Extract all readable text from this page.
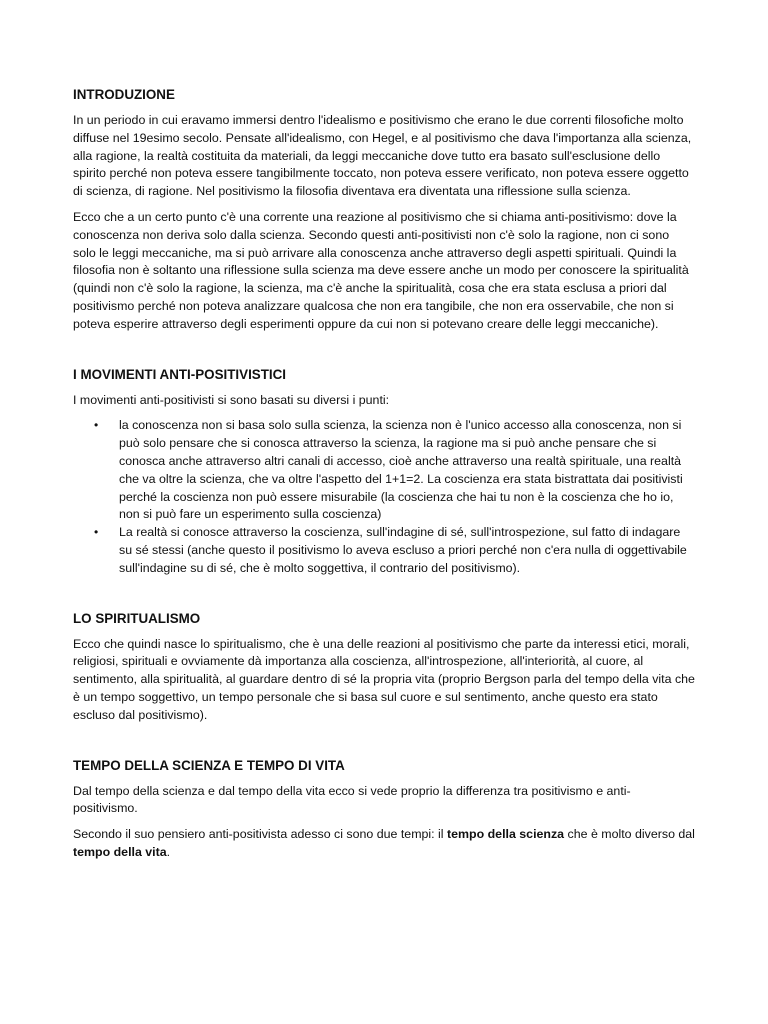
INTRODUZIONE

In un periodo in cui eravamo immersi dentro l'idealismo e positivismo che erano le due correnti filosofiche molto diffuse nel 19esimo secolo. Pensate all'idealismo, con Hegel, e al positivismo che dava l'importanza alla scienza, alla ragione, la realtà costituita da materiali, da leggi meccaniche dove tutto era basato sull'esclusione dello spirito perché non poteva essere tangibilmente toccato, non poteva essere verificato, non poteva essere oggetto di scienza, di ragione. Nel positivismo la filosofia diventava era diventata una riflessione sulla scienza.

Ecco che a un certo punto c'è una corrente una reazione al positivismo che si chiama anti-positivismo: dove la conoscenza non deriva solo dalla scienza. Secondo questi anti-positivisti non c'è solo la ragione, non ci sono solo le leggi meccaniche, ma si può arrivare alla conoscenza anche attraverso degli aspetti spirituali. Quindi la filosofia non è soltanto una riflessione sulla scienza ma deve essere anche un modo per conoscere la spiritualità (quindi non c'è solo la ragione, la scienza, ma c'è anche la spiritualità, cosa che era stata esclusa a priori dal positivismo perché non poteva analizzare qualcosa che non era tangibile, che non era osservabile, che non si poteva esperire attraverso degli esperimenti oppure da cui non si potevano creare delle leggi meccaniche).

I MOVIMENTI ANTI-POSITIVISTICI

I movimenti anti-positivisti si sono basati su diversi i punti:

• la conoscenza non si basa solo sulla scienza, la scienza non è l'unico accesso alla conoscenza, non si può solo pensare che si conosca attraverso la scienza, la ragione ma si può anche pensare che si conosca anche attraverso altri canali di accesso, cioè anche attraverso una realtà spirituale, una realtà che va oltre la scienza, che va oltre l'aspetto del 1+1=2. La coscienza era stata bistrattata dai positivisti perché la coscienza non può essere misurabile (la coscienza che hai tu non è la coscienza che ho io, non si può fare un esperimento sulla coscienza)
• La realtà si conosce attraverso la coscienza, sull'indagine di sé, sull'introspezione, sul fatto di indagare su sé stessi (anche questo il positivismo lo aveva escluso a priori perché non c'era nulla di oggettivabile sull'indagine su di sé, che è molto soggettiva, il contrario del positivismo).
LO SPIRITUALISMO

Ecco che quindi nasce lo spiritualismo, che è una delle reazioni al positivismo che parte da interessi etici, morali, religiosi, spirituali e ovviamente dà importanza alla coscienza, all'introspezione, all'interiorità, al cuore, al sentimento, alla spiritualità, al guardare dentro di sé la propria vita (proprio Bergson parla del tempo della vita che è un tempo soggettivo, un tempo personale che si basa sul cuore e sul sentimento, anche questo era stato escluso dal positivismo).

TEMPO DELLA SCIENZA E TEMPO DI VITA

Dal tempo della scienza e dal tempo della vita ecco si vede proprio la differenza tra positivismo e anti-positivismo.

Secondo il suo pensiero anti-positivista adesso ci sono due tempi: il tempo della scienza che è molto diverso dal tempo della vita.
